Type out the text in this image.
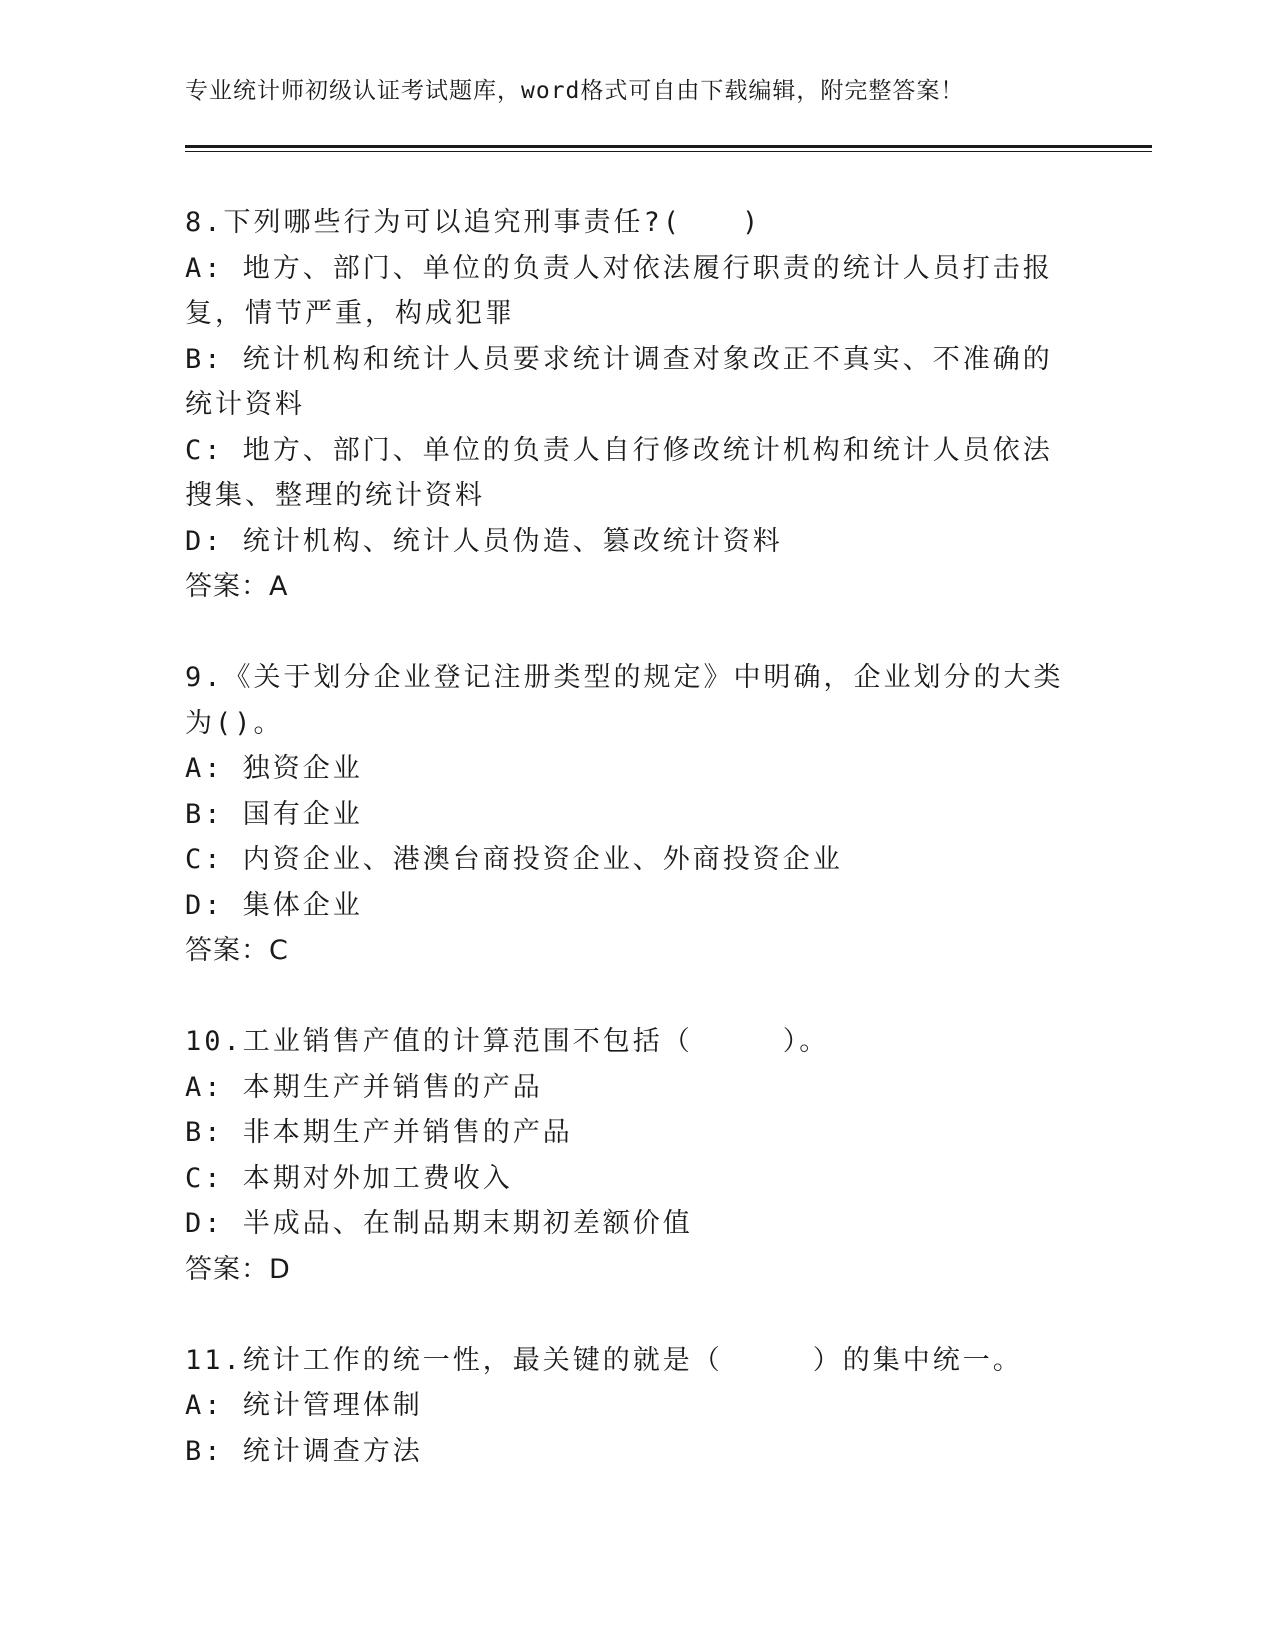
专业统计师初级认证考试题库，word格式可自由下载编辑，附完整答案！
8.下列哪些行为可以追究刑事责任?(　　)
A: 地方、部门、单位的负责人对依法履行职责的统计人员打击报复，情节严重，构成犯罪
B: 统计机构和统计人员要求统计调查对象改正不真实、不准确的统计资料
C: 地方、部门、单位的负责人自行修改统计机构和统计人员依法搜集、整理的统计资料
D: 统计机构、统计人员伪造、篡改统计资料
答案：A
9.《关于划分企业登记注册类型的规定》中明确，企业划分的大类为()。
A: 独资企业
B: 国有企业
C: 内资企业、港澳台商投资企业、外商投资企业
D: 集体企业
答案：C
10.工业销售产值的计算范围不包括（　　　）。
A: 本期生产并销售的产品
B: 非本期生产并销售的产品
C: 本期对外加工费收入
D: 半成品、在制品期末期初差额价值
答案：D
11.统计工作的统一性，最关键的就是（　　　）的集中统一。
A: 统计管理体制
B: 统计调查方法
